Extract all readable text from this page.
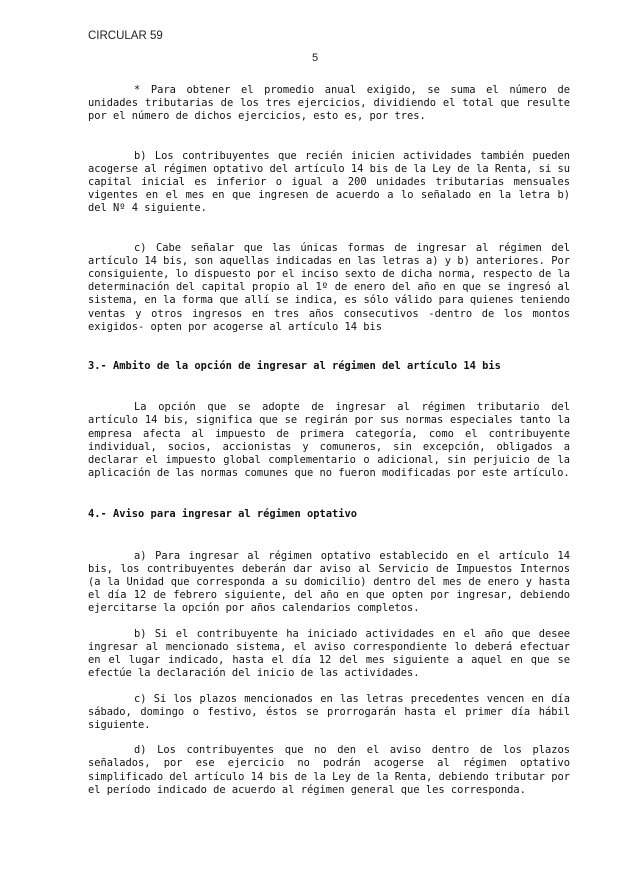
CIRCULAR 59
5

* Para obtener el promedio anual exigido, se suma el número de unidades tributarias de los tres ejercicios, dividiendo el total que resulte por el número de dichos ejercicios, esto es, por tres.

b) Los contribuyentes que recién inicien actividades también pueden acogerse al régimen optativo del artículo 14 bis de la Ley de la Renta, si su capital inicial es inferior o igual a 200 unidades tributarias mensuales vigentes en el mes en que ingresen de acuerdo a lo señalado en la letra b) del Nº 4 siguiente.

c) Cabe señalar que las únicas formas de ingresar al régimen del artículo 14 bis, son aquellas indicadas en las letras a) y b) anteriores. Por consiguiente, lo dispuesto por el inciso sexto de dicha norma, respecto de la determinación del capital propio al 1º de enero del año en que se ingresó al sistema, en la forma que allí se indica, es sólo válido para quienes teniendo ventas y otros ingresos en tres años consecutivos -dentro de los montos exigidos- opten por acogerse al artículo 14 bis

3.- Ambito de la opción de ingresar al régimen del artículo 14 bis

La opción que se adopte de ingresar al régimen tributario del artículo 14 bis, significa que se regirán por sus normas especiales tanto la empresa afecta al impuesto de primera categoría, como el contribuyente individual, socios, accionistas y comuneros, sin excepción, obligados a declarar el impuesto global complementario o adicional, sin perjuicio de la aplicación de las normas comunes que no fueron modificadas por este artículo.

4.- Aviso para ingresar al régimen optativo

a) Para ingresar al régimen optativo establecido en el artículo 14 bis, los contribuyentes deberán dar aviso al Servicio de Impuestos Internos (a la Unidad que corresponda a su domicilio) dentro del mes de enero y hasta el día 12 de febrero siguiente, del año en que opten por ingresar, debiendo ejercitarse la opción por años calendarios completos.

b) Si el contribuyente ha iniciado actividades en el año que desee ingresar al mencionado sistema, el aviso correspondiente lo deberá efectuar en el lugar indicado, hasta el día 12 del mes siguiente a aquel en que se efectúe la declaración del inicio de las actividades.

c) Si los plazos mencionados en las letras precedentes vencen en día sábado, domingo o festivo, éstos se prorrogarán hasta el primer día hábil siguiente.

d) Los contribuyentes que no den el aviso dentro de los plazos señalados, por ese ejercicio no podrán acogerse al régimen optativo simplificado del artículo 14 bis de la Ley de la Renta, debiendo tributar por el período indicado de acuerdo al régimen general que les corresponda.
